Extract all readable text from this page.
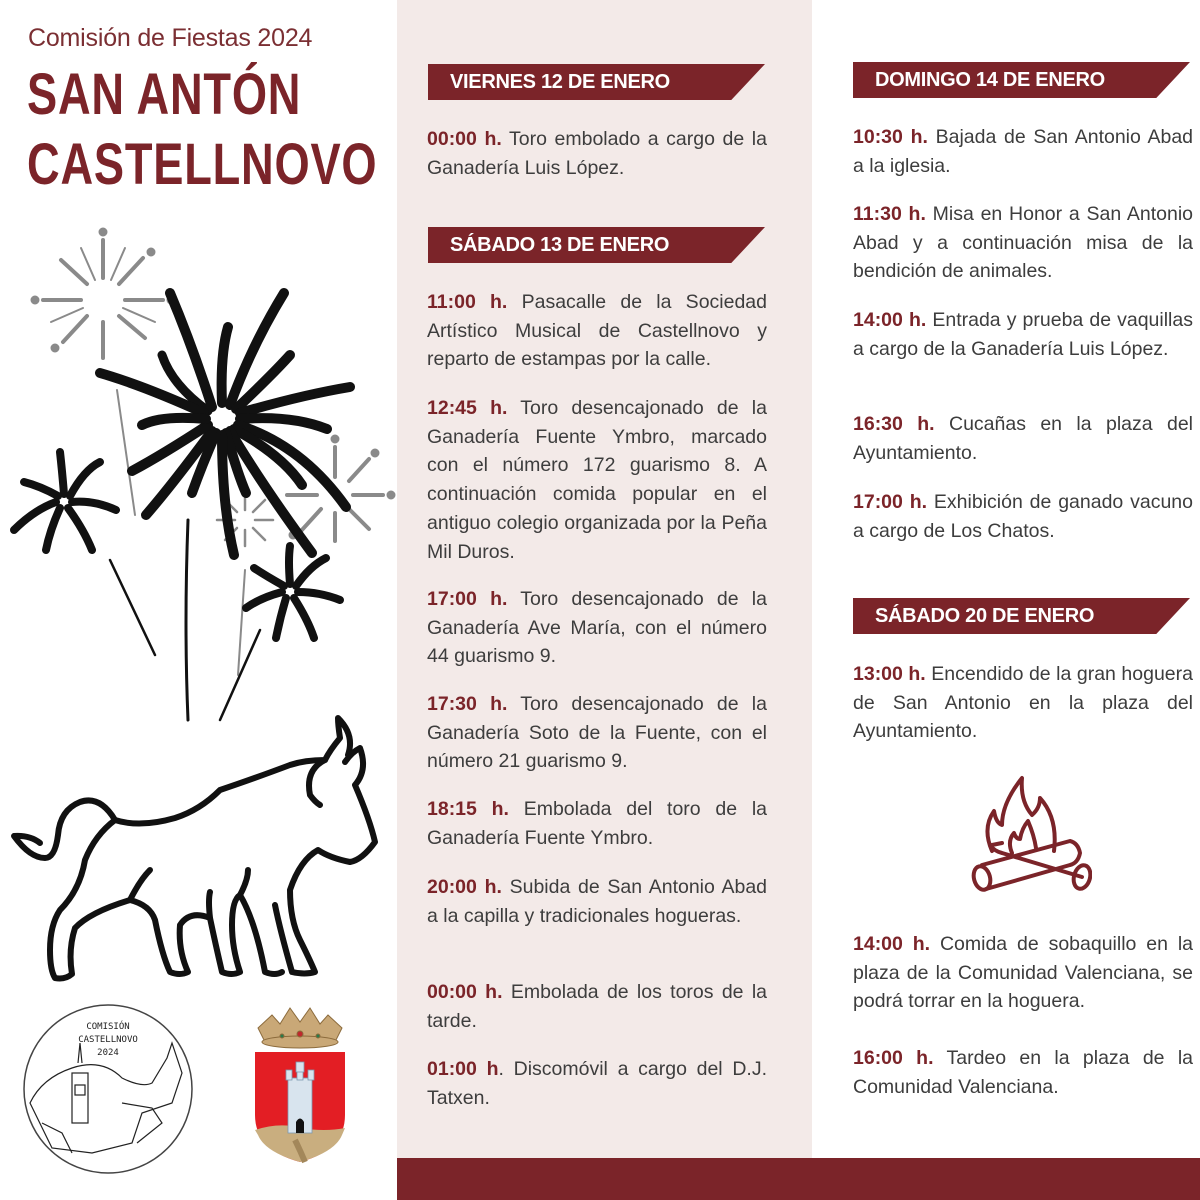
Comisión de Fiestas 2024
SAN ANTÓN
CASTELLNOVO
COMISIÓN
CASTELLNOVO
2024
VIERNES 12 DE ENERO
00:00 h. Toro embolado a cargo de la Ganadería Luis López.
SÁBADO 13 DE ENERO
11:00 h. Pasacalle de la Sociedad Artístico Musical de Castellnovo y reparto de estampas por la calle.
12:45 h. Toro desencajonado de la Ganadería Fuente Ymbro, marcado con el número 172 guarismo 8. A continuación comida popular en el antiguo colegio organizada por la Peña Mil Duros.
17:00 h. Toro desencajonado de la Ganadería Ave María, con el número 44 guarismo 9.
17:30 h. Toro desencajonado de la Ganadería Soto de la Fuente, con el número 21 guarismo 9.
18:15 h. Embolada del toro de la Ganadería Fuente Ymbro.
20:00 h. Subida de San Antonio Abad a la capilla y tradicionales hogueras.
00:00 h. Embolada de los toros de la tarde.
01:00 h. Discomóvil a cargo del D.J. Tatxen.
DOMINGO 14 DE ENERO
10:30 h. Bajada de San Antonio Abad a la iglesia.
11:30 h. Misa en Honor a San Antonio Abad y a continuación misa de la bendición de animales.
14:00 h. Entrada y prueba de vaquillas a cargo de la Ganadería Luis López.
16:30 h. Cucañas en la plaza del Ayuntamiento.
17:00 h. Exhibición de ganado vacuno a cargo de Los Chatos.
SÁBADO 20 DE ENERO
13:00 h. Encendido de la gran hoguera de San Antonio en la plaza del Ayuntamiento.
14:00 h. Comida de sobaquillo en la plaza de la Comunidad Valenciana, se podrá torrar en la hoguera.
16:00 h. Tardeo en la plaza de la Comunidad Valenciana.
